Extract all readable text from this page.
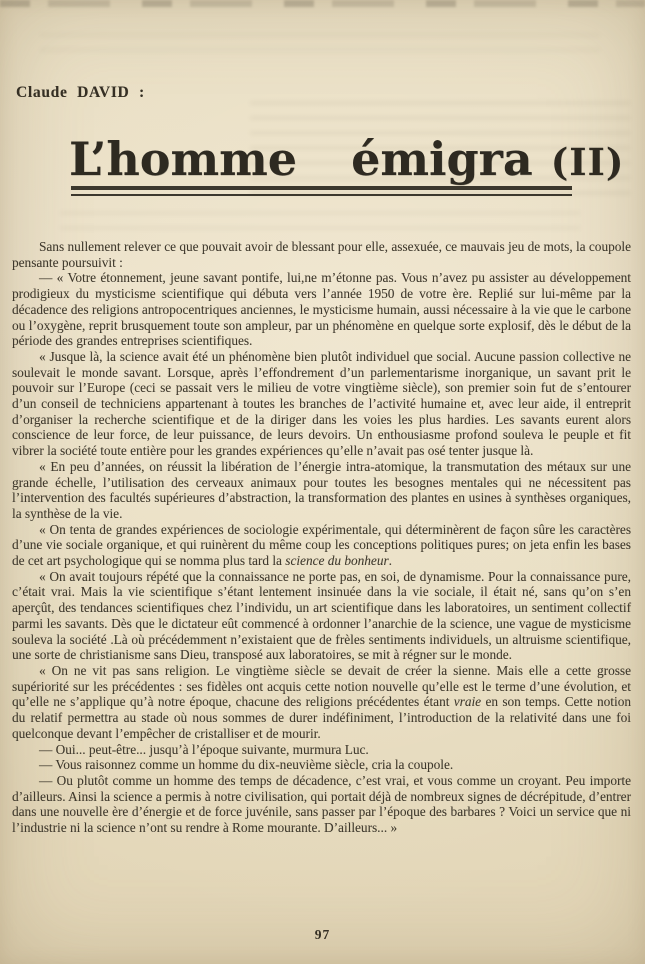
Claude DAVID :
L’homme émigra (II)

Sans nullement relever ce que pouvait avoir de blessant pour elle, assexuée, ce mauvais jeu de mots, la coupole pensante poursuivit :

— « Votre étonnement, jeune savant pontife, lui,ne m’étonne pas. Vous n’avez pu assister au développement prodigieux du mysticisme scientifique qui débuta vers l’année 1950 de votre ère. Replié sur lui-même par la décadence des religions antropocentriques anciennes, le mysticisme humain, aussi nécessaire à la vie que le carbone ou l’oxygène, reprit brusquement toute son ampleur, par un phénomène en quelque sorte explosif, dès le début de la période des grandes entreprises scientifiques.

« Jusque là, la science avait été un phénomène bien plutôt individuel que social. Aucune passion collective ne soulevait le monde savant. Lorsque, après l’effondrement d’un parlementarisme inorganique, un savant prit le pouvoir sur l’Europe (ceci se passait vers le milieu de votre vingtième siècle), son premier soin fut de s’entourer d’un conseil de techniciens appartenant à toutes les branches de l’activité humaine et, avec leur aide, il entreprit d’organiser la recherche scientifique et de la diriger dans les voies les plus hardies. Les savants eurent alors conscience de leur force, de leur puissance, de leurs devoirs. Un enthousiasme profond souleva le peuple et fit vibrer la société toute entière pour les grandes expériences qu’elle n’avait pas osé tenter jusque là.

« En peu d’années, on réussit la libération de l’énergie intra-atomique, la transmutation des métaux sur une grande échelle, l’utilisation des cerveaux animaux pour toutes les besognes mentales qui ne nécessitent pas l’intervention des facultés supérieures d’abstraction, la transformation des plantes en usines à synthèses organiques, la synthèse de la vie.

« On tenta de grandes expériences de sociologie expérimentale, qui déterminèrent de façon sûre les caractères d’une vie sociale organique, et qui ruinèrent du même coup les conceptions politiques pures; on jeta enfin les bases de cet art psychologique qui se nomma plus tard la science du bonheur.

« On avait toujours répété que la connaissance ne porte pas, en soi, de dynamisme. Pour la connaissance pure, c’était vrai. Mais la vie scientifique s’étant lentement insinuée dans la vie sociale, il était né, sans qu’on s’en aperçût, des tendances scientifiques chez l’individu, un art scientifique dans les laboratoires, un sentiment collectif parmi les savants. Dès que le dictateur eût commencé à ordonner l’anarchie de la science, une vague de mysticisme souleva la société .Là où précédemment n’existaient que de frèles sentiments individuels, un altruisme scientifique, une sorte de christianisme sans Dieu, transposé aux laboratoires, se mit à régner sur le monde.

« On ne vit pas sans religion. Le vingtième siècle se devait de créer la sienne. Mais elle a cette grosse supériorité sur les précédentes : ses fidèles ont acquis cette notion nouvelle qu’elle est le terme d’une évolution, et qu’elle ne s’applique qu’à notre époque, chacune des religions précédentes étant vraie en son temps. Cette notion du relatif permettra au stade où nous sommes de durer indéfiniment, l’introduction de la relativité dans une foi quelconque devant l’empêcher de cristalliser et de mourir.

— Oui... peut-être... jusqu’à l’époque suivante, murmura Luc.

— Vous raisonnez comme un homme du dix-neuvième siècle, cria la coupole.

— Ou plutôt comme un homme des temps de décadence, c’est vrai, et vous comme un croyant. Peu importe d’ailleurs. Ainsi la science a permis à notre civilisation, qui portait déjà de nombreux signes de décrépitude, d’entrer dans une nouvelle ère d’énergie et de force juvénile, sans passer par l’époque des barbares ? Voici un service que ni l’industrie ni la science n’ont su rendre à Rome mourante. D’ailleurs... »

97
